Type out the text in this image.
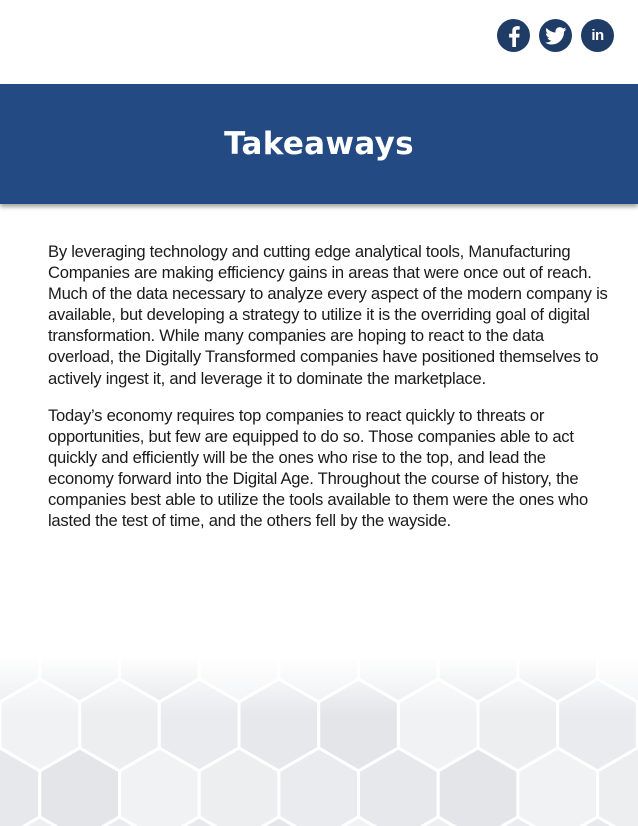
in
Takeaways

By leveraging technology and cutting edge analytical tools, Manufacturing Companies are making efficiency gains in areas that were once out of reach. Much of the data necessary to analyze every aspect of the modern company is available, but developing a strategy to utilize it is the overriding goal of digital transformation. While many companies are hoping to react to the data overload, the Digitally Transformed companies have positioned themselves to actively ingest it, and leverage it to dominate the marketplace.

Today’s economy requires top companies to react quickly to threats or opportunities, but few are equipped to do so. Those companies able to act quickly and efficiently will be the ones who rise to the top, and lead the economy forward into the Digital Age. Throughout the course of history, the companies best able to utilize the tools available to them were the ones who lasted the test of time, and the others fell by the wayside.
